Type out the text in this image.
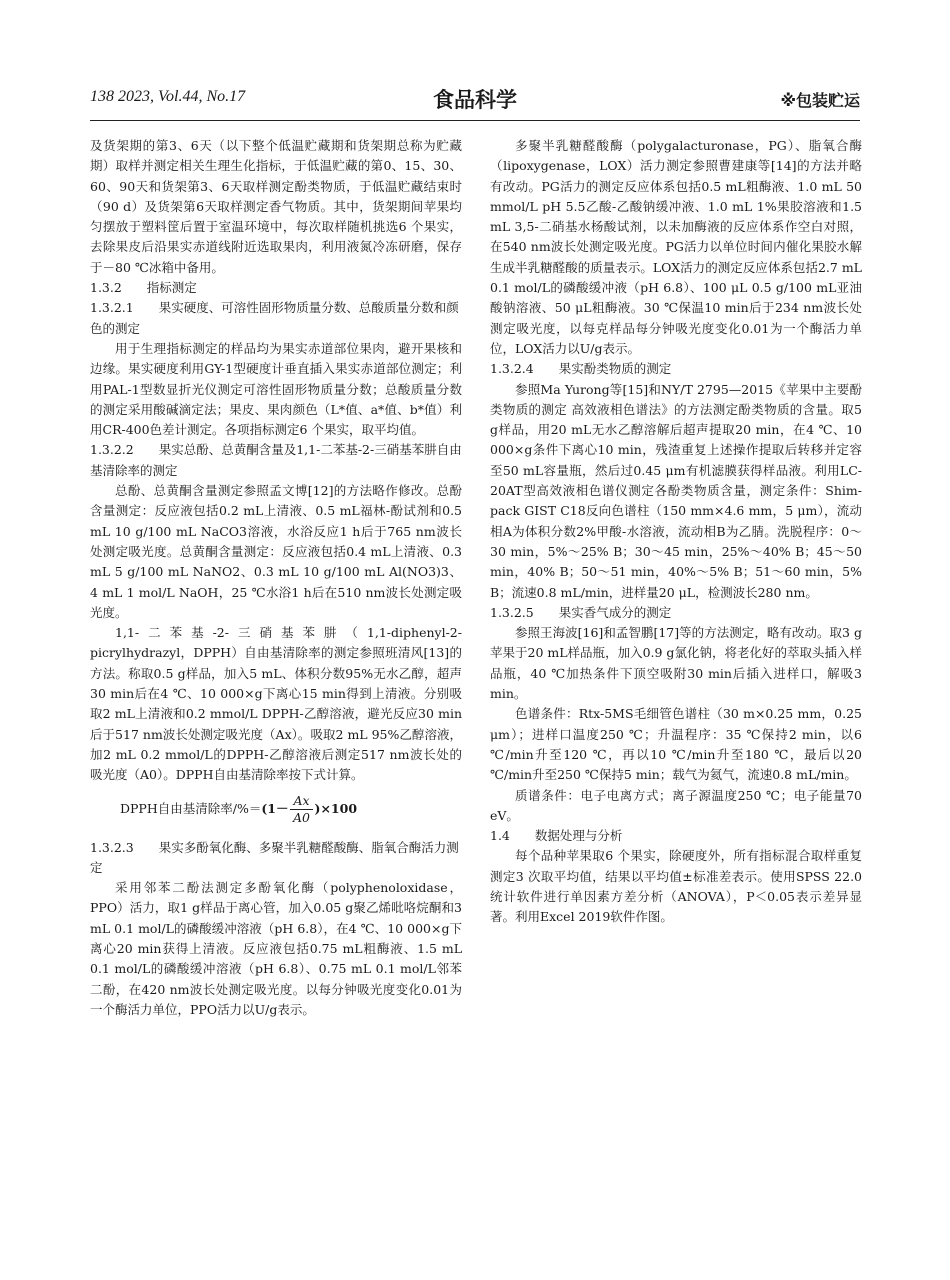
138 2023, Vol.44, No.17	食品科学	※包装贮运

及货架期的第3、6天（以下整个低温贮藏期和货架期总称为贮藏期）取样并测定相关生理生化指标，于低温贮藏的第0、15、30、60、90天和货架第3、6天取样测定酚类物质，于低温贮藏结束时（90 d）及货架第6天取样测定香气物质。其中，货架期间苹果均匀摆放于塑料筐后置于室温环境中，每次取样随机挑选6 个果实，去除果皮后沿果实赤道线附近选取果肉，利用液氮冷冻研磨，保存于－80 ℃冰箱中备用。

1.3.2　　指标测定

1.3.2.1　　果实硬度、可溶性固形物质量分数、总酸质量分数和颜色的测定

用于生理指标测定的样品均为果实赤道部位果肉，避开果核和边缘。果实硬度利用GY-1型硬度计垂直插入果实赤道部位测定；利用PAL-1型数显折光仪测定可溶性固形物质量分数；总酸质量分数的测定采用酸碱滴定法；果皮、果肉颜色（L*值、a*值、b*值）利用CR-400色差计测定。各项指标测定6 个果实，取平均值。

1.3.2.2　　果实总酚、总黄酮含量及1,1-二苯基-2-三硝基苯肼自由基清除率的测定

总酚、总黄酮含量测定参照孟文博[12]的方法略作修改。总酚含量测定：反应液包括0.2 mL上清液、0.5 mL福林-酚试剂和0.5 mL 10 g/100 mL NaCO3溶液，水浴反应1 h后于765 nm波长处测定吸光度。总黄酮含量测定：反应液包括0.4 mL上清液、0.3 mL 5 g/100 mL NaNO2、0.3 mL 10 g/100 mL Al(NO3)3、4 mL 1 mol/L NaOH，25 ℃水浴1 h后在510 nm波长处测定吸光度。

1,1-二苯基-2-三硝基苯肼（1,1-diphenyl-2-picrylhydrazyl，DPPH）自由基清除率的测定参照班清风[13]的方法。称取0.5 g样品，加入5 mL、体积分数95%无水乙醇，超声30 min后在4 ℃、10 000×g下离心15 min得到上清液。分别吸取2 mL上清液和0.2 mmol/L DPPH-乙醇溶液，避光反应30 min后于517 nm波长处测定吸光度（Ax）。吸取2 mL 95%乙醇溶液，加2 mL 0.2 mmol/L的DPPH-乙醇溶液后测定517 nm波长处的吸光度（A0）。DPPH自由基清除率按下式计算。

DPPH自由基清除率/%＝ $(1- \frac{Ax}{A0} )\times 100$

1.3.2.3　　果实多酚氧化酶、多聚半乳糖醛酸酶、脂氧合酶活力测定

采用邻苯二酚法测定多酚氧化酶（polyphenoloxidase，PPO）活力，取1 g样品于离心管，加入0.05 g聚乙烯吡咯烷酮和3 mL 0.1 mol/L的磷酸缓冲溶液（pH 6.8），在4 ℃、10 000×g下离心20 min获得上清液。反应液包括0.75 mL粗酶液、1.5 mL 0.1 mol/L的磷酸缓冲溶液（pH 6.8）、0.75 mL 0.1 mol/L邻苯二酚，在420 nm波长处测定吸光度。以每分钟吸光度变化0.01为一个酶活力单位，PPO活力以U/g表示。

多聚半乳糖醛酸酶（polygalacturonase，PG）、脂氧合酶（lipoxygenase，LOX）活力测定参照曹建康等[14]的方法并略有改动。PG活力的测定反应体系包括0.5 mL粗酶液、1.0 mL 50 mmol/L pH 5.5乙酸-乙酸钠缓冲液、1.0 mL 1%果胶溶液和1.5 mL 3,5-二硝基水杨酸试剂，以未加酶液的反应体系作空白对照，在540 nm波长处测定吸光度。PG活力以单位时间内催化果胶水解生成半乳糖醛酸的质量表示。LOX活力的测定反应体系包括2.7 mL 0.1 mol/L的磷酸缓冲液（pH 6.8）、100 μL 0.5 g/100 mL亚油酸钠溶液、50 μL粗酶液。30 ℃保温10 min后于234 nm波长处测定吸光度，以每克样品每分钟吸光度变化0.01为一个酶活力单位，LOX活力以U/g表示。

1.3.2.4　　果实酚类物质的测定

参照Ma Yurong等[15]和NY/T 2795—2015《苹果中主要酚类物质的测定 高效液相色谱法》的方法测定酚类物质的含量。取5 g样品，用20 mL无水乙醇溶解后超声提取20 min，在4 ℃、10 000×g条件下离心10 min，残渣重复上述操作提取后转移并定容至50 mL容量瓶，然后过0.45 μm有机滤膜获得样品液。利用LC-20AT型高效液相色谱仪测定各酚类物质含量，测定条件：Shim-pack GIST C18反向色谱柱（150 mm×4.6 mm，5 μm），流动相A为体积分数2%甲酸-水溶液，流动相B为乙腈。洗脱程序：0～30 min，5%～25% B；30～45 min，25%～40% B；45～50 min，40% B；50～51 min，40%～5% B；51～60 min，5% B；流速0.8 mL/min，进样量20 μL，检测波长280 nm。

1.3.2.5　　果实香气成分的测定

参照王海波[16]和孟智鹏[17]等的方法测定，略有改动。取3 g苹果于20 mL样品瓶，加入0.9 g氯化钠，将老化好的萃取头插入样品瓶，40 ℃加热条件下顶空吸附30 min后插入进样口，解吸3 min。

色谱条件：Rtx-5MS毛细管色谱柱（30 m×0.25 mm，0.25 μm）；进样口温度250 ℃；升温程序：35 ℃保持2 min，以6 ℃/min升至120 ℃，再以10 ℃/min升至180 ℃，最后以20 ℃/min升至250 ℃保持5 min；载气为氦气，流速0.8 mL/min。

质谱条件：电子电离方式；离子源温度250 ℃；电子能量70 eV。

1.4　　数据处理与分析

每个品种苹果取6 个果实，除硬度外，所有指标混合取样重复测定3 次取平均值，结果以平均值±标准差表示。使用SPSS 22.0统计软件进行单因素方差分析（ANOVA），P＜0.05表示差异显著。利用Excel 2019软件作图。
